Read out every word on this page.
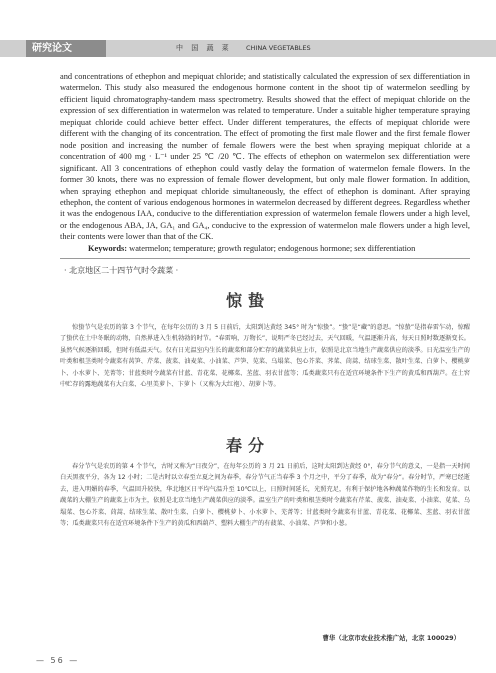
研究论文	中 国 蔬 菜 CHINA VEGETABLES

and concentrations of ethephon and mepiquat chloride; and statistically calculated the expression of sex differentiation in watermelon. This study also measured the endogenous hormone content in the shoot tip of watermelon seedling by efficient liquid chromatography-tandem mass spectrometry. Results showed that the effect of mepiquat chloride on the expression of sex differentiation in watermelon was related to temperature. Under a suitable higher temperature spraying mepiquat chloride could achieve better effect. Under different temperatures, the effects of mepiquat chloride were different with the changing of its concentration. The effect of promoting the first male flower and the first female flower node position and increasing the number of female flowers were the best when spraying mepiquat chloride at a concentration of 400 mg · L⁻¹ under 25 ℃ /20 ℃. The effects of ethephon on watermelon sex differentiation were significant. All 3 concentrations of ethephon could vastly delay the formation of watermelon female flowers. In the former 30 knots, there was no expression of female flower development, but only male flower formation. In addition, when spraying ethephon and mepiquat chloride simultaneously, the effect of ethephon is dominant. After spraying ethephon, the content of various endogenous hormones in watermelon decreased by different degrees. Regardless whether it was the endogenous IAA, conducive to the differentiation expression of watermelon female flowers under a high level, or the endogenous ABA, JA, GA₁ and GA₄, conducive to the expression of watermelon male flowers under a high level, their contents were lower than that of the CK.

Keywords: watermelon; temperature; growth regulator; endogenous hormone; sex differentiation

· 北京地区二十四节气时令蔬菜 ·
惊蛰

惊蛰节气是农历的第 3 个节气，在每年公历的 3 月 5 日前后，太阳到达黄经 345° 时为“惊蛰”。“蛰”是“藏”的意思。“惊蛰”是指春雷乍动，惊醒了蛰伏在土中冬眠的动物，自然界进入生机勃勃的时节。“春雷响，万物长”，说明严冬已经过去，天气回暖，气温逐渐升高，每天日照时数逐渐变长。虽然气候逐渐回暖，但时有低温天气。仅有日光温室内生长的蔬菜和部分贮存的蔬菜供应上市，依照是北京当地生产蔬菜供应的淡季。日光温室生产的叶类和根茎类时令蔬菜有莴笋、芹菜、菠菜、油麦菜、小油菜、芦笋、苋菜、乌塌菜、包心芥菜、荠菜、茼蒿、结球生菜、散叶生菜、白萝卜、樱桃萝卜、小水萝卜、芜菁等；甘蓝类时令蔬菜有甘蓝、青花菜、花椰菜、苤蓝、羽衣甘蓝等；瓜类蔬菜只有在适宜环境条件下生产的黄瓜和西葫芦。在土窖中贮存的露地蔬菜有大白菜、心里美萝卜、卞萝卜（又称为大红袍）、胡萝卜等。

春分

春分节气是农历的第 4 个节气，古时又称为“日夜分”，在每年公历的 3 月 21 日前后，这时太阳到达黄经 0°，春分节气的意义，一是指一天时间白天黑夜平分，各为 12 小时；二是古时以立春至立夏之间为春季，春分节气正当春季 3 个月之中，平分了春季，故为“春分”。春分时节，严寒已经逝去，进入明媚的春季，气温回升较快，华北地区日平均气温升至 10℃以上，日照时间延长，光照充足，有利于保护地各种蔬菜作物的生长和发育。以蔬菜的大棚生产的蔬菜上市为主，依照是北京当地生产蔬菜供应的淡季。温室生产的叶类和根茎类时令蔬菜有芹菜、菠菜、油麦菜、小油菜、苋菜、乌塌菜、包心芥菜、茼蒿、结球生菜、散叶生菜、白萝卜、樱桃萝卜、小水萝卜、芜菁等；甘蓝类时令蔬菜有甘蓝、青花菜、花椰菜、苤蓝、羽衣甘蓝等；瓜类蔬菜只有在适宜环境条件下生产的黄瓜和西葫芦、塑料大棚生产的有菠菜、小油菜、芦笋和小葱。

曹华（北京市农业技术推广站，北京 100029）
— 56 —
